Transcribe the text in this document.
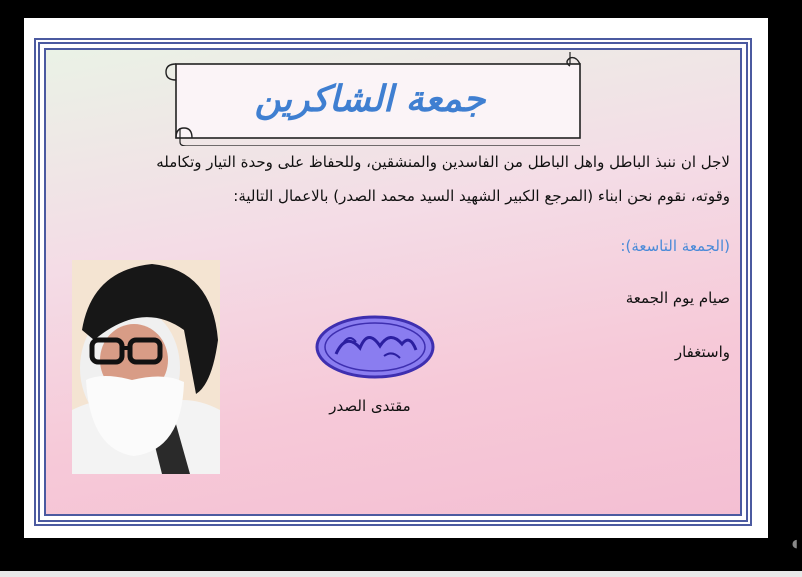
جمعة الشاكرين
لاجل ان ننبذ الباطل واهل الباطل من الفاسدين والمنشقين، وللحفاظ على وحدة التيار وتكامله
وقوته، نقوم نحن ابناء (المرجع الكبير الشهيد السيد محمد الصدر) بالاعمال التالية:
(الجمعة التاسعة):
صيام يوم الجمعة
واستغفار
مقتدى الصدر
◖
